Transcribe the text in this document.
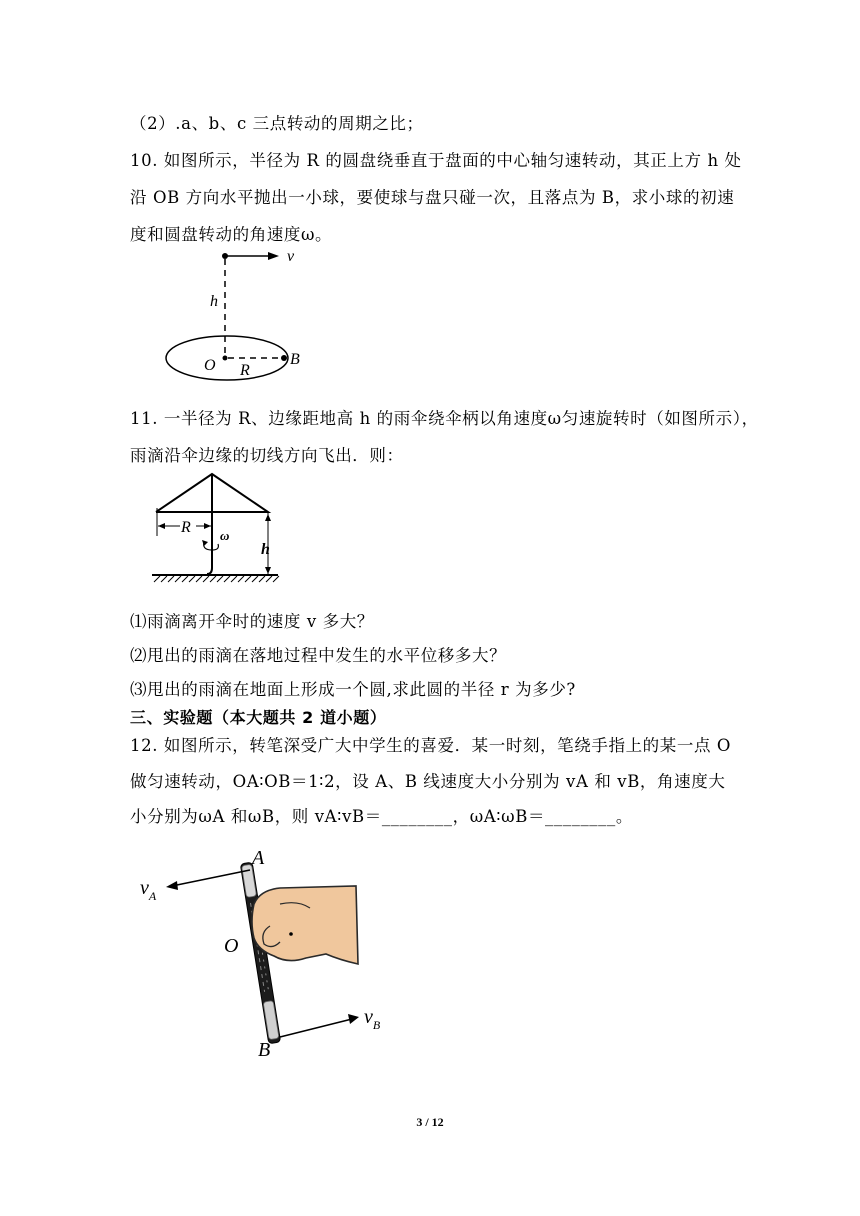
（2）.a、b、c 三点转动的周期之比；
10. 如图所示，半径为 R 的圆盘绕垂直于盘面的中心轴匀速转动，其正上方 h 处
沿 OB 方向水平抛出一小球，要使球与盘只碰一次，且落点为 B，求小球的初速
度和圆盘转动的角速度ω。
v
h
O R
B
11. 一半径为 R、边缘距地高 h 的雨伞绕伞柄以角速度ω匀速旋转时（如图所示），
雨滴沿伞边缘的切线方向飞出．则：
R ω
h
⑴雨滴离开伞时的速度 v 多大？
⑵甩出的雨滴在落地过程中发生的水平位移多大？
⑶甩出的雨滴在地面上形成一个圆,求此圆的半径 r 为多少?
三、实验题（本大题共 2 道小题）
12. 如图所示，转笔深受广大中学生的喜爱．某一时刻，笔绕手指上的某一点 O
做匀速转动，OA∶OB＝1∶2，设 A、B 线速度大小分别为 vA 和 vB，角速度大
小分别为ωA 和ωB，则 vA∶vB＝________，ωA∶ωB＝________。
$v_A$
$v_B$
A
O
B
3 / 12
